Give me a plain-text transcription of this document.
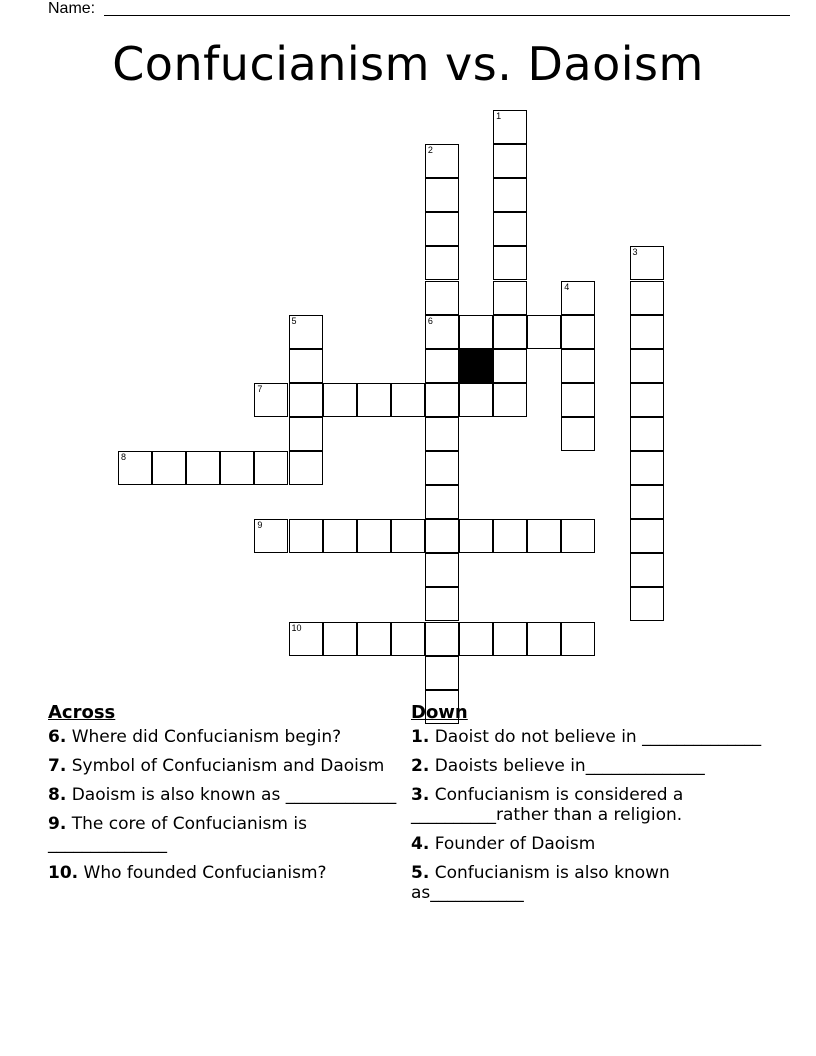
Name:
Confucianism vs. Daoism
1
2
6
3
4
5
7
8
9
10
Across
6. Where did Confucianism begin?
7. Symbol of Confucianism and Daoism
8. Daoism is also known as _____________
9. The core of Confucianism is ______________
10. Who founded Confucianism?
Down
1. Daoist do not believe in ______________
2. Daoists believe in______________
3. Confucianism is considered a __________rather than a religion.
4. Founder of Daoism
5. Confucianism is also known as___________
